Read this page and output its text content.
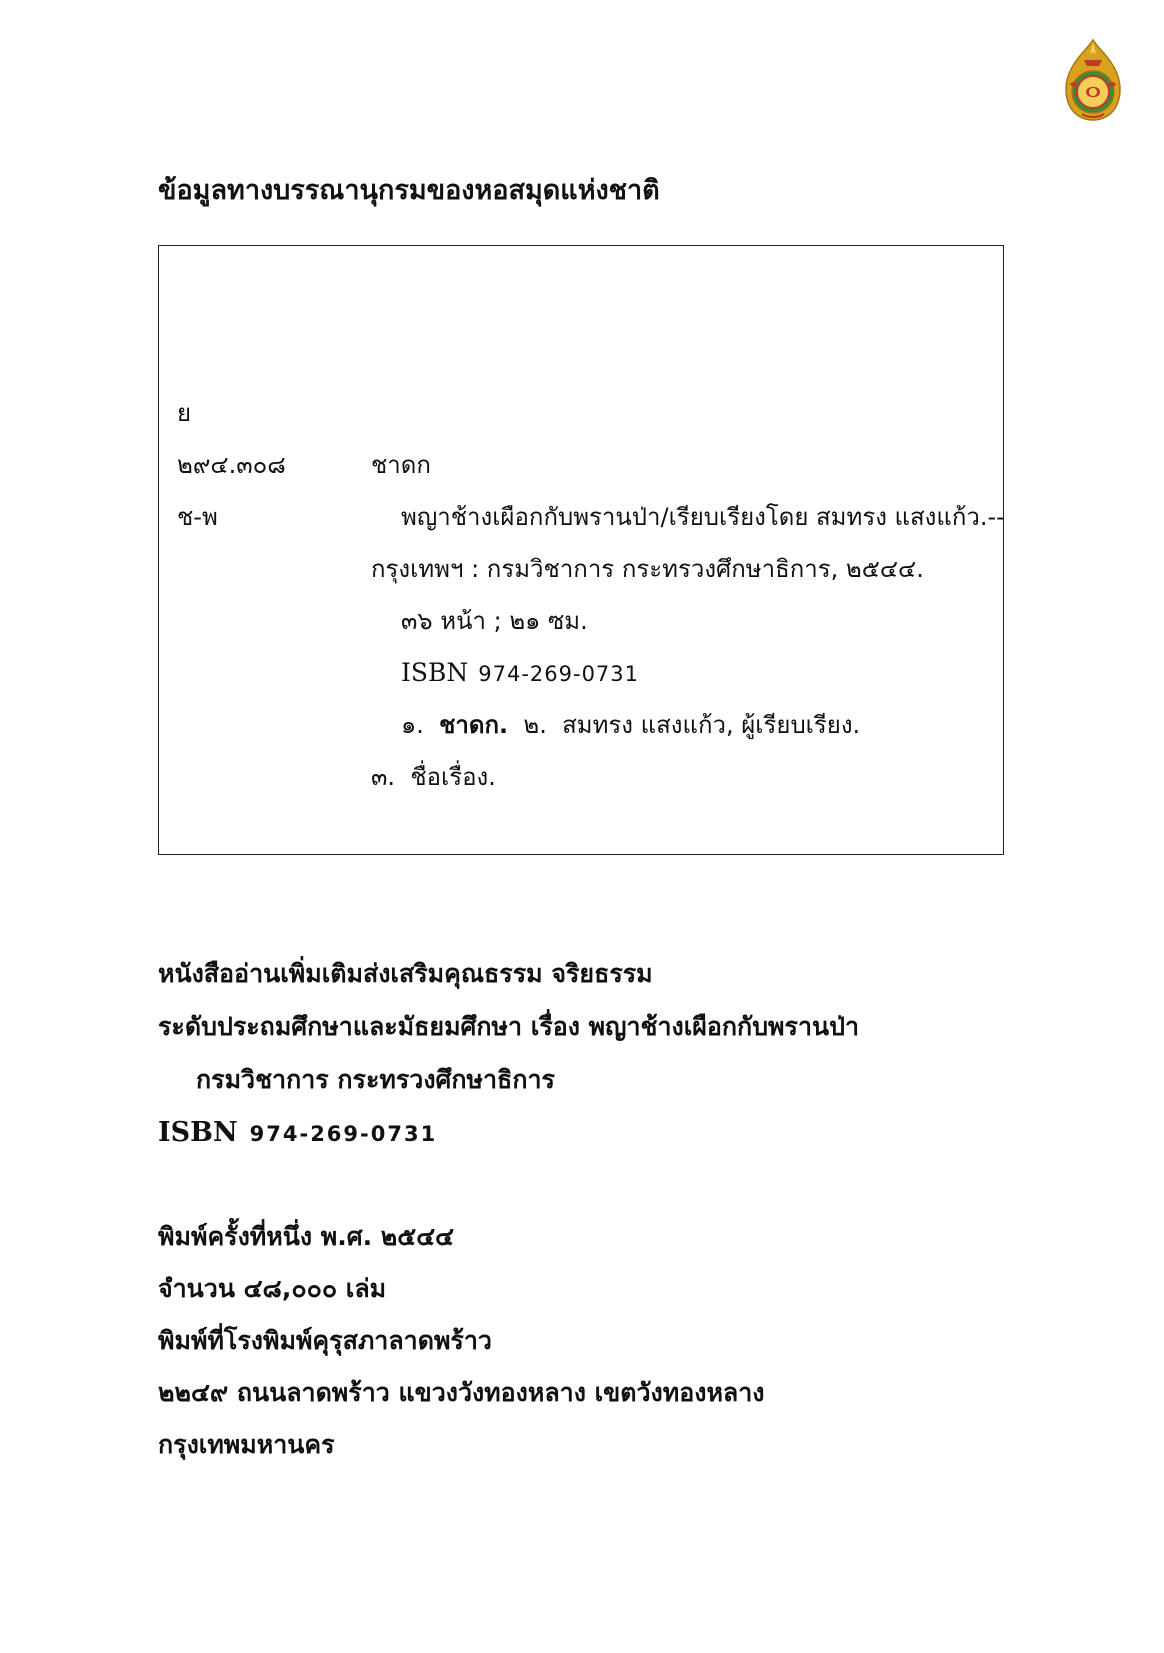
ข้อมูลทางบรรณานุกรมของหอสมุดแห่งชาติ
ย
๒๙๔.๓๐๘
ช-พ
ชาดก
พญาช้างเผือกกับพรานป่า/เรียบเรียงโดย สมทรง แสงแก้ว.--
กรุงเทพฯ : กรมวิชาการ กระทรวงศึกษาธิการ, ๒๕๔๔.
๓๖ หน้า ; ๒๑ ซม.
ISBN 974-269-0731
๑. ชาดก. ๒. สมทรง แสงแก้ว, ผู้เรียบเรียง.
๓. ชื่อเรื่อง.
หนังสืออ่านเพิ่มเติมส่งเสริมคุณธรรม จริยธรรม
ระดับประถมศึกษาและมัธยมศึกษา เรื่อง พญาช้างเผือกกับพรานป่า
กรมวิชาการ กระทรวงศึกษาธิการ
ISBN 974-269-0731
พิมพ์ครั้งที่หนึ่ง พ.ศ. ๒๕๔๔
จำนวน ๔๘,๐๐๐ เล่ม
พิมพ์ที่โรงพิมพ์คุรุสภาลาดพร้าว
๒๒๔๙ ถนนลาดพร้าว แขวงวังทองหลาง เขตวังทองหลาง
กรุงเทพมหานคร
